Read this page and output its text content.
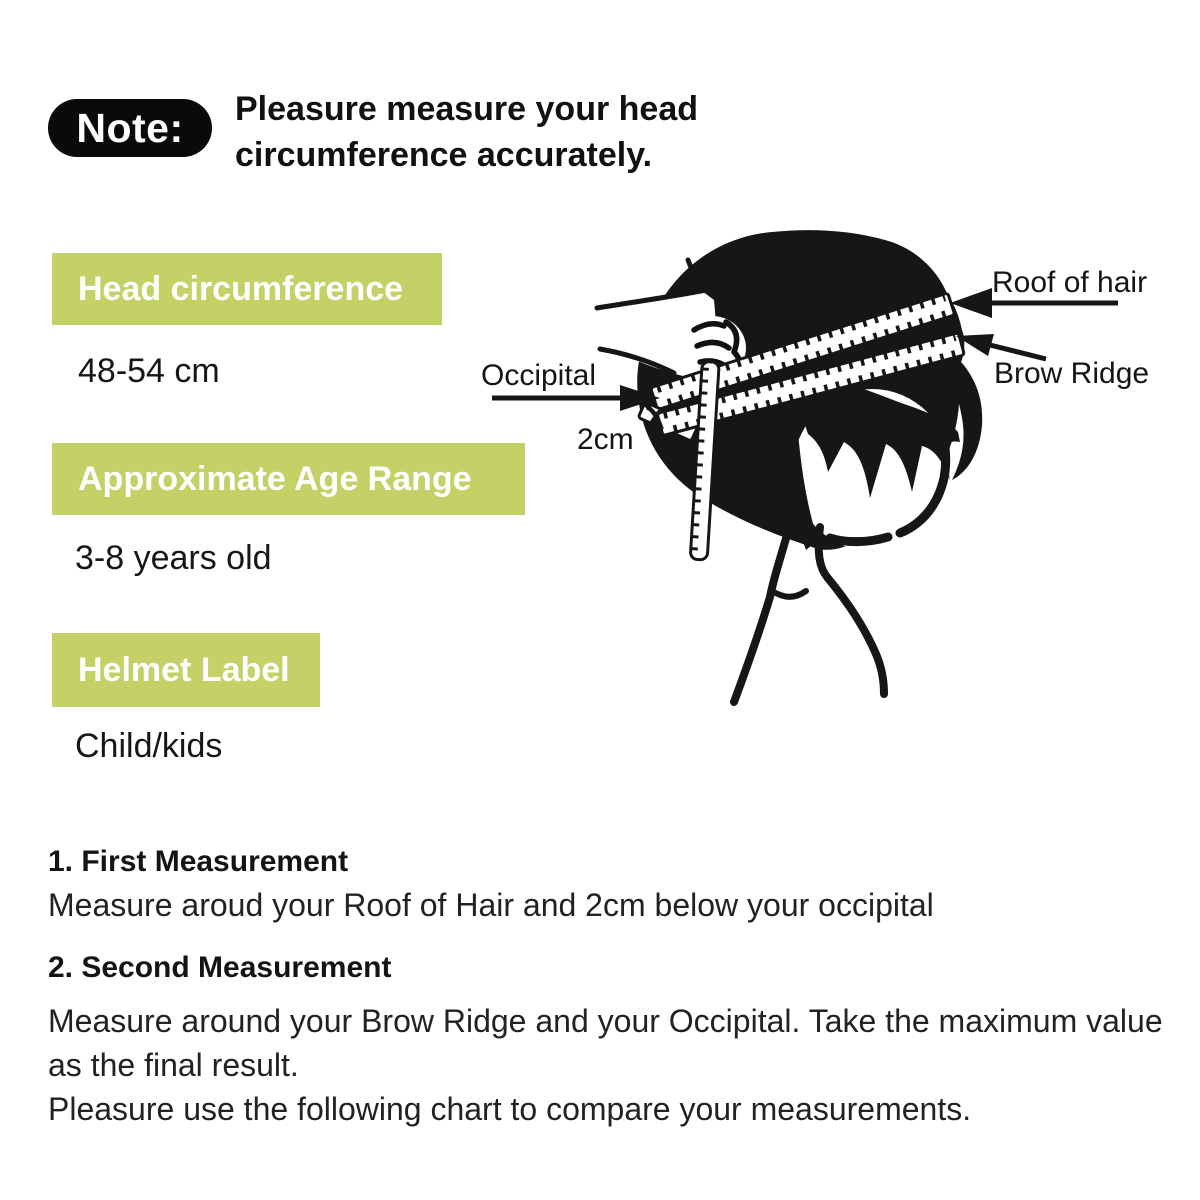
Note: Pleasure measure your head
circumference accurately.
Head circumference
48-54 cm
Approximate Age Range
3-8 years old
Helmet Label
Child/kids
Roof of hair
Brow Ridge
Occipital
2cm
1. First Measurement
Measure aroud your Roof of Hair and 2cm below your occipital
2. Second Measurement
Measure around your Brow Ridge and your Occipital. Take the maximum value
as the final result.
Pleasure use the following chart to compare your measurements.
